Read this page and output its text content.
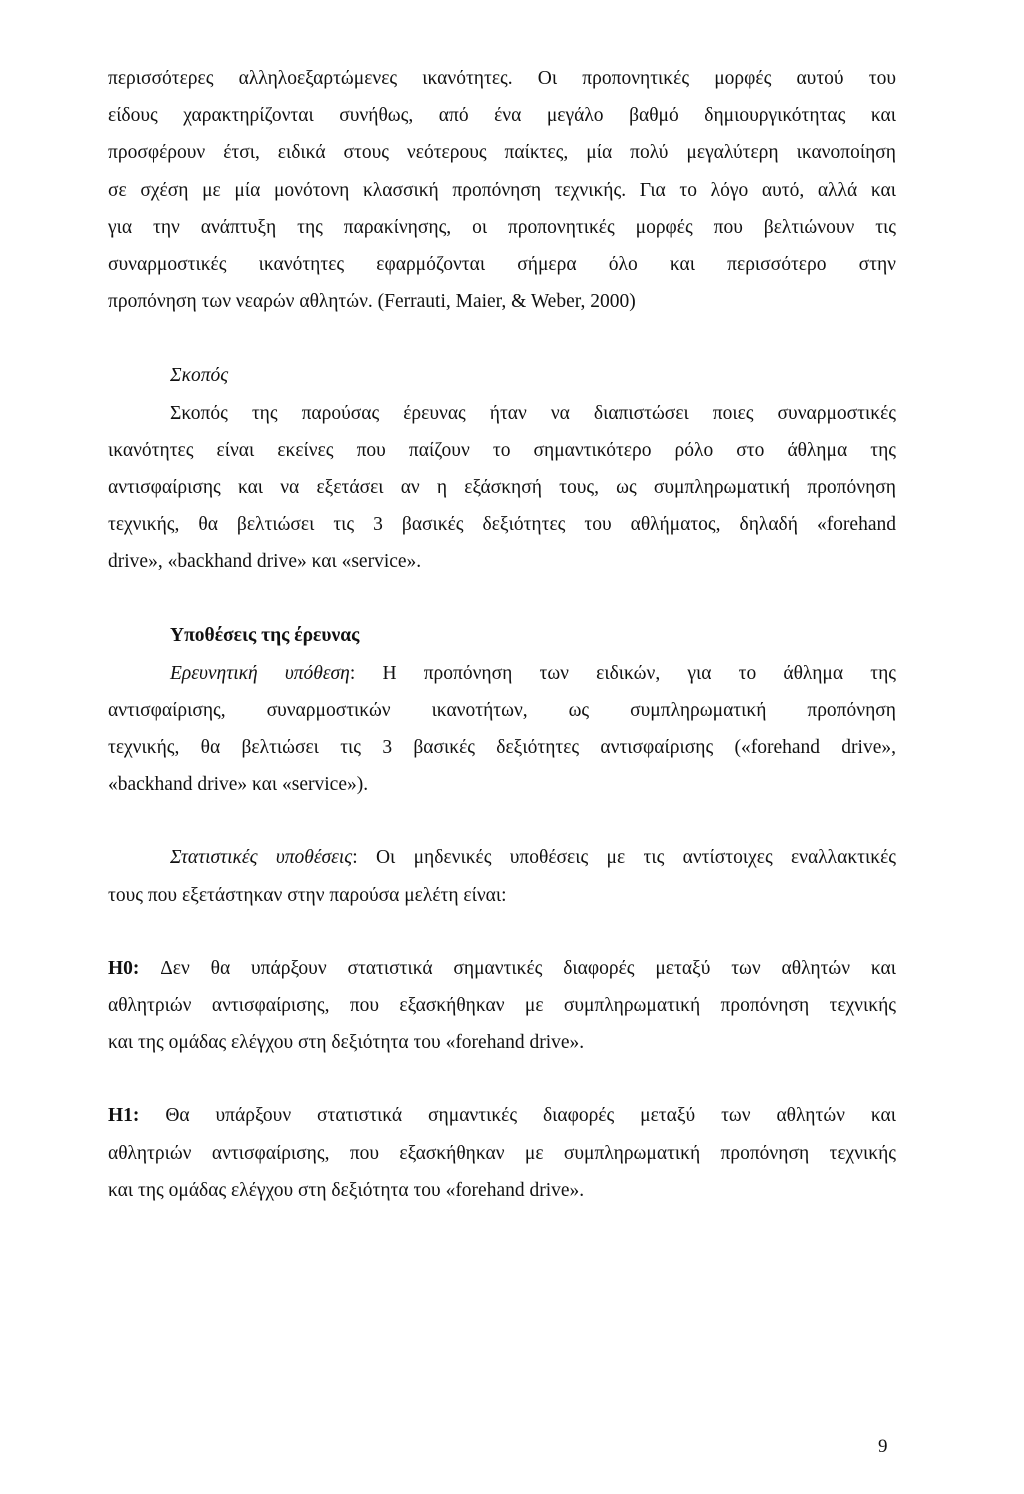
περισσότερες αλληλοεξαρτώμενες ικανότητες. Οι προπονητικές μορφές αυτού του
είδους χαρακτηρίζονται συνήθως, από ένα μεγάλο βαθμό δημιουργικότητας και
προσφέρουν έτσι, ειδικά στους νεότερους παίκτες, μία πολύ μεγαλύτερη ικανοποίηση
σε σχέση με μία μονότονη κλασσική προπόνηση τεχνικής. Για το λόγο αυτό, αλλά και
για την ανάπτυξη της παρακίνησης, οι προπονητικές μορφές που βελτιώνουν τις
συναρμοστικές ικανότητες εφαρμόζονται σήμερα όλο και περισσότερο στην
προπόνηση των νεαρών αθλητών. (Ferrauti, Maier, & Weber, 2000)
Σκοπός
Σκοπός της παρούσας έρευνας ήταν να διαπιστώσει ποιες συναρμοστικές
ικανότητες είναι εκείνες που παίζουν το σημαντικότερο ρόλο στο άθλημα της
αντισφαίρισης και να εξετάσει αν η εξάσκησή τους, ως συμπληρωματική προπόνηση
τεχνικής, θα βελτιώσει τις 3 βασικές δεξιότητες του αθλήματος, δηλαδή «forehand
drive», «backhand drive» και «service».
Υποθέσεις της έρευνας
Ερευνητική υπόθεση: Η προπόνηση των ειδικών, για το άθλημα της
αντισφαίρισης, συναρμοστικών ικανοτήτων, ως συμπληρωματική προπόνηση
τεχνικής, θα βελτιώσει τις 3 βασικές δεξιότητες αντισφαίρισης («forehand drive»,
«backhand drive» και «service»).
Στατιστικές υποθέσεις: Οι μηδενικές υποθέσεις με τις αντίστοιχες εναλλακτικές
τους που εξετάστηκαν στην παρούσα μελέτη είναι:
H0: Δεν θα υπάρξουν στατιστικά σημαντικές διαφορές μεταξύ των αθλητών και
αθλητριών αντισφαίρισης, που εξασκήθηκαν με συμπληρωματική προπόνηση τεχνικής
και της ομάδας ελέγχου στη δεξιότητα του «forehand drive».
H1: Θα υπάρξουν στατιστικά σημαντικές διαφορές μεταξύ των αθλητών και
αθλητριών αντισφαίρισης, που εξασκήθηκαν με συμπληρωματική προπόνηση τεχνικής
και της ομάδας ελέγχου στη δεξιότητα του «forehand drive».
9
